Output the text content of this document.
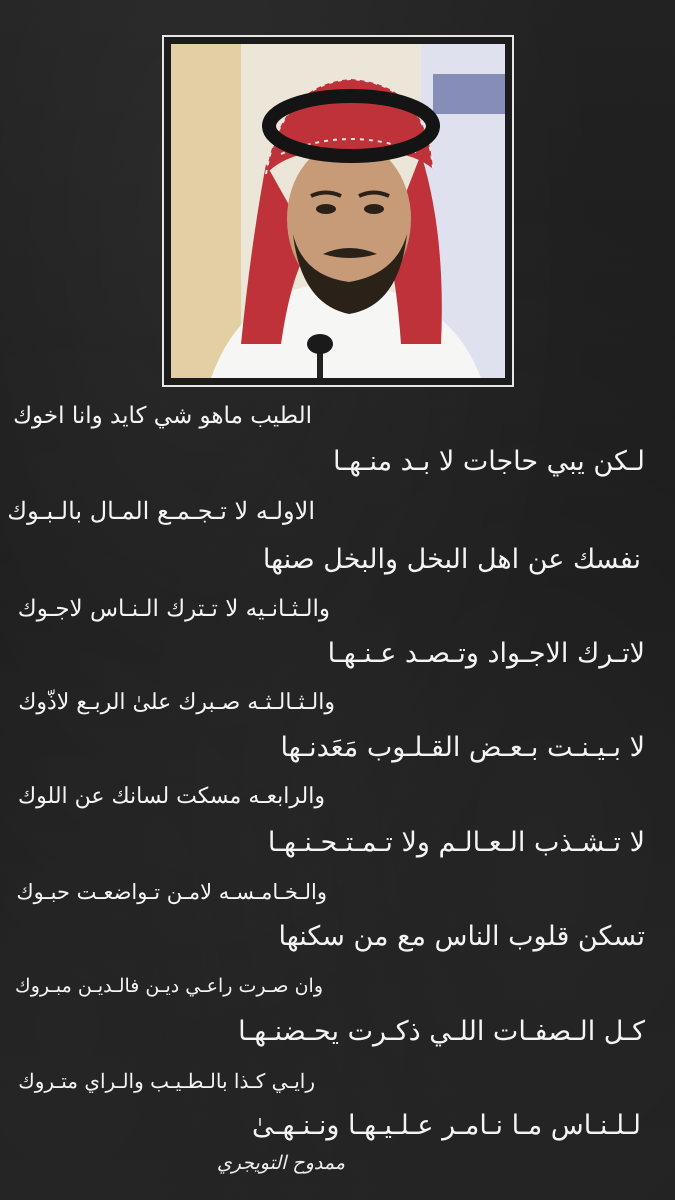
الطيب ماهو شي كايد وانا اخوك
لـكن يبي حاجات لا بـد منـهـا
الاولـه لا تـجـمـع المـال بالـبـوك
نفسك عن اهل البخل والبخل صنها
والـثـانـيه لا تـترك الـنـاس لاجـوك
لاتـرك الاجـواد وتـصـد عـنـهـا
والـثـالـثـه صـبرك علىٰ الربـع لاذّوك
لا بـيـنـت بـعـض القـلـوب مَعَدنـها
والرابعـه مسكت لسانك عن اللوك
لا تـشـذب الـعـالـم ولا تـمـتـحـنـهـا
والـخـامـسـه لامـن تـواضعـت حبـوك
تسكن قلوب الناس مع من سكنها
وان صـرت راعـي ديـن فالـديـن مبـروك
كـل الـصفـات اللـي ذكـرت يحـضنـهـا
رايـي كـذا بالـطـيـب والـراي متـروك
لـلـنـاس مـا نـامـر عـلـيـهـا ونـنـهـىٰ
ممدوح التويجري
